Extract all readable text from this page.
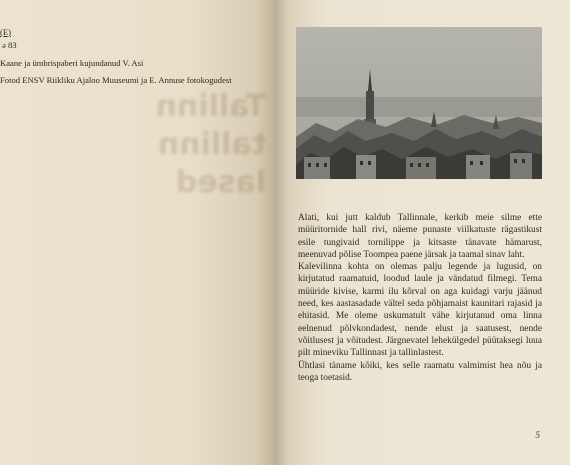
Tallinn
tallinn
lased
(E)
ə 83
Kaane ja ümbrispaberi kujundanud V. Asi
Fotod ENSV Riikliku Ajaloo Muuseumi ja E. Annuse fotokogudest

Alati, kui jutt kaldub Tallinnale, kerkib meie silme ette müüritornide hall rivi, näeme punaste viilkatuste rägastikust esile tungivaid tornilippe ja kitsaste tänavate hämarust, meenuvad põlise Toompea paene järsak ja taamal sinav laht.

Kalevilinna kohta on olemas palju legende ja lugusid, on kirjutatud raamatuid, loodud laule ja vändatud filmegi. Tema müüride kivise, karmi ilu kõrval on aga kuidagi varju jäänud need, kes aastasadade vältel seda põhjamaist kaunitari rajasid ja ehitasid. Me oleme uskumatult vähe kirjutanud oma linna eelnenud põlvkondadest, nende elust ja saatusest, nende võitlusest ja võitudest. Järgnevatel lehekülgedel püütaksegi luua pilt mineviku Tallinnast ja tallinlastest.

Ühtlasi täname kõiki, kes selle raamatu valmimist hea nõu ja teoga toetasid.

5
